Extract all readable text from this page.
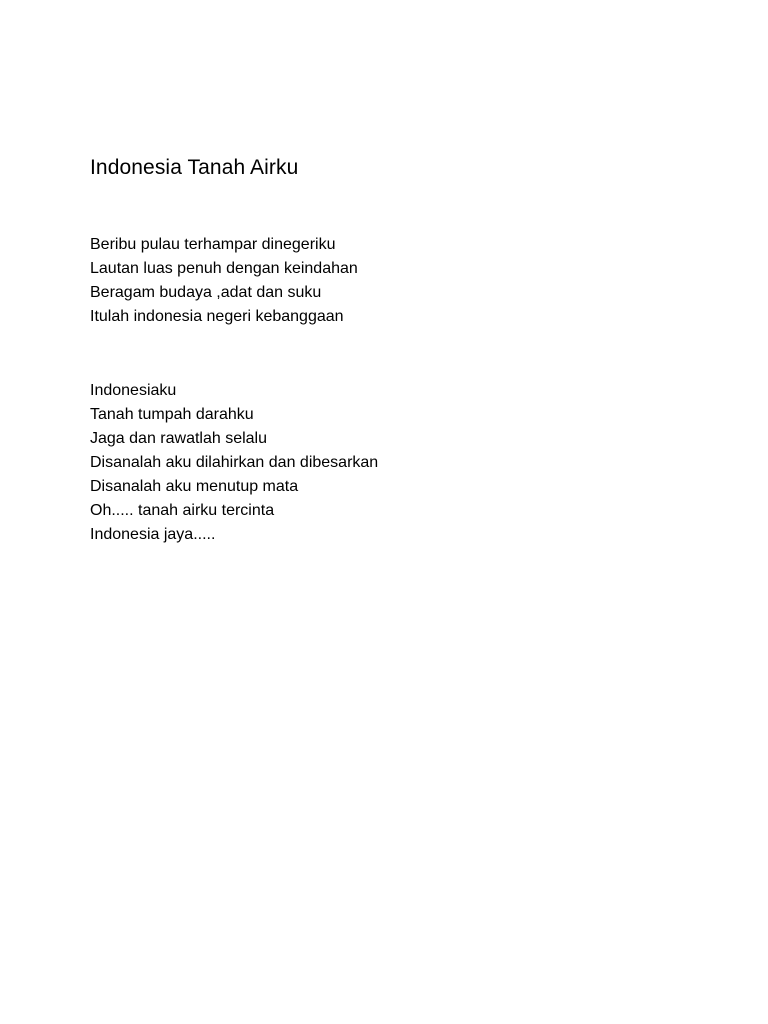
Indonesia Tanah Airku
Beribu pulau terhampar dinegeriku
Lautan luas penuh dengan keindahan
Beragam budaya ,adat dan suku
Itulah indonesia negeri kebanggaan
Indonesiaku
Tanah tumpah darahku
Jaga dan rawatlah selalu
Disanalah aku dilahirkan dan dibesarkan
Disanalah aku menutup mata
Oh..... tanah airku tercinta
Indonesia jaya.....
